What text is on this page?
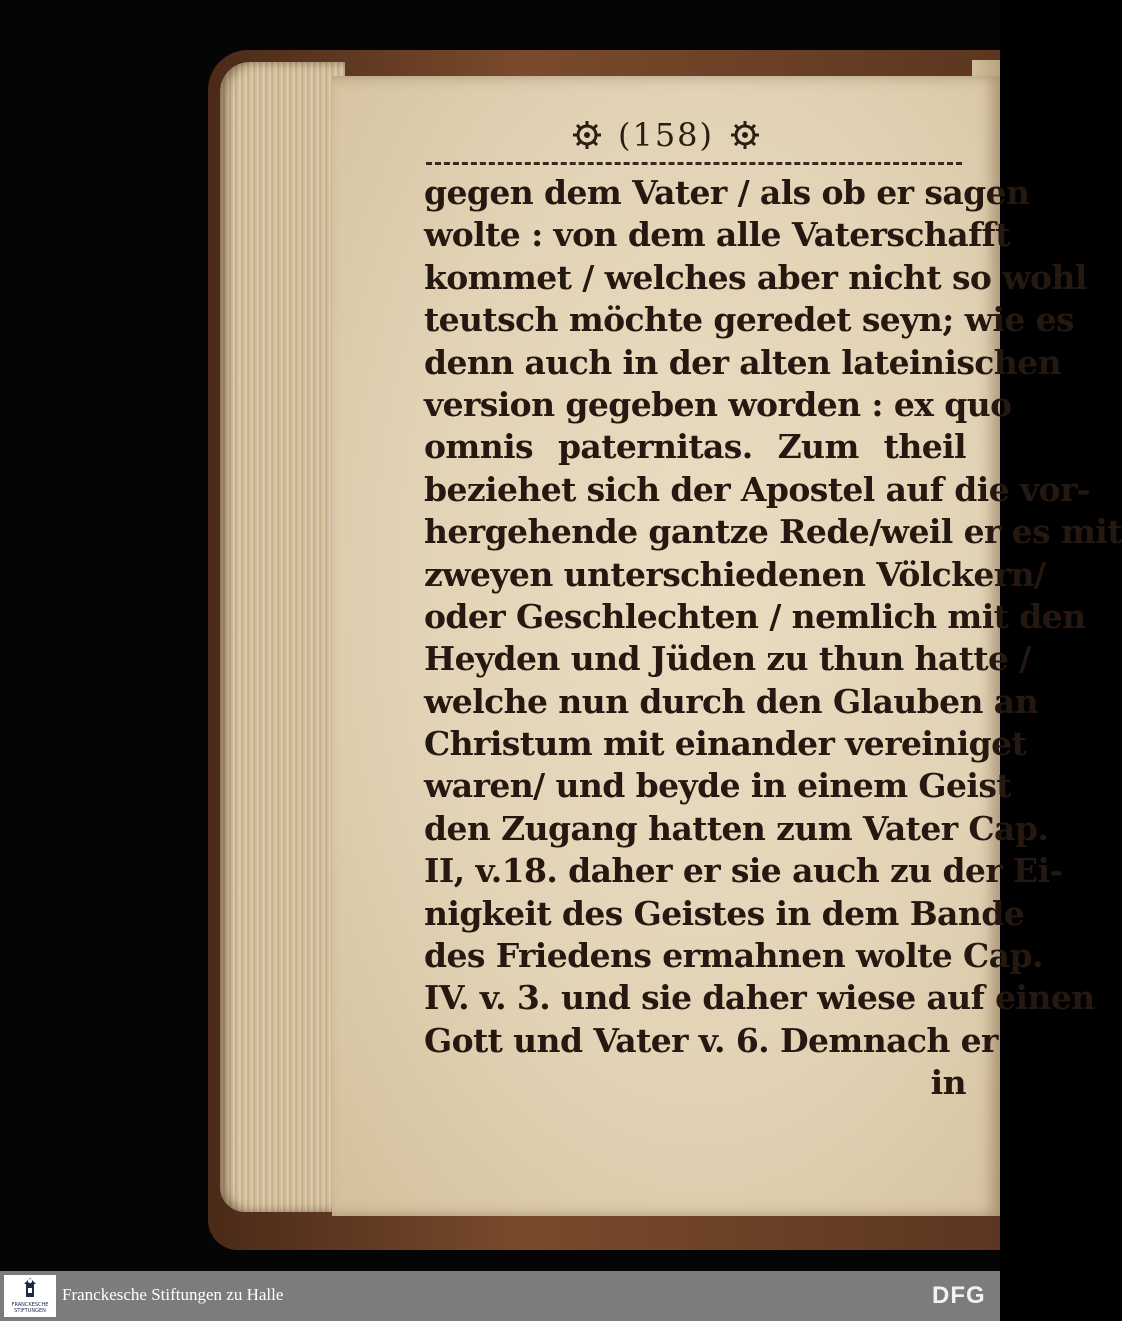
(158)
gegen dem Vater / als ob er sagen
wolte : von dem alle Vaterschafft
kommet / welches aber nicht so wohl
teutsch möchte geredet seyn; wie es
denn auch in der alten lateinischen
version gegeben worden : ex quo
omnis paternitas. Zum theil
beziehet sich der Apostel auf die vor-
hergehende gantze Rede/weil er es mit
zweyen unterschiedenen Völckern/
oder Geschlechten / nemlich mit den
Heyden und Jüden zu thun hatte /
welche nun durch den Glauben an
Christum mit einander vereiniget
waren/ und beyde in einem Geist
den Zugang hatten zum Vater Cap.
II, v.18. daher er sie auch zu der Ei-
nigkeit des Geistes in dem Bande
des Friedens ermahnen wolte Cap.
IV. v. 3. und sie daher wiese auf einen
Gott und Vater v. 6. Demnach er
in
FRANCKESCHE STIFTUNGEN
Franckesche Stiftungen zu Halle	DFG
